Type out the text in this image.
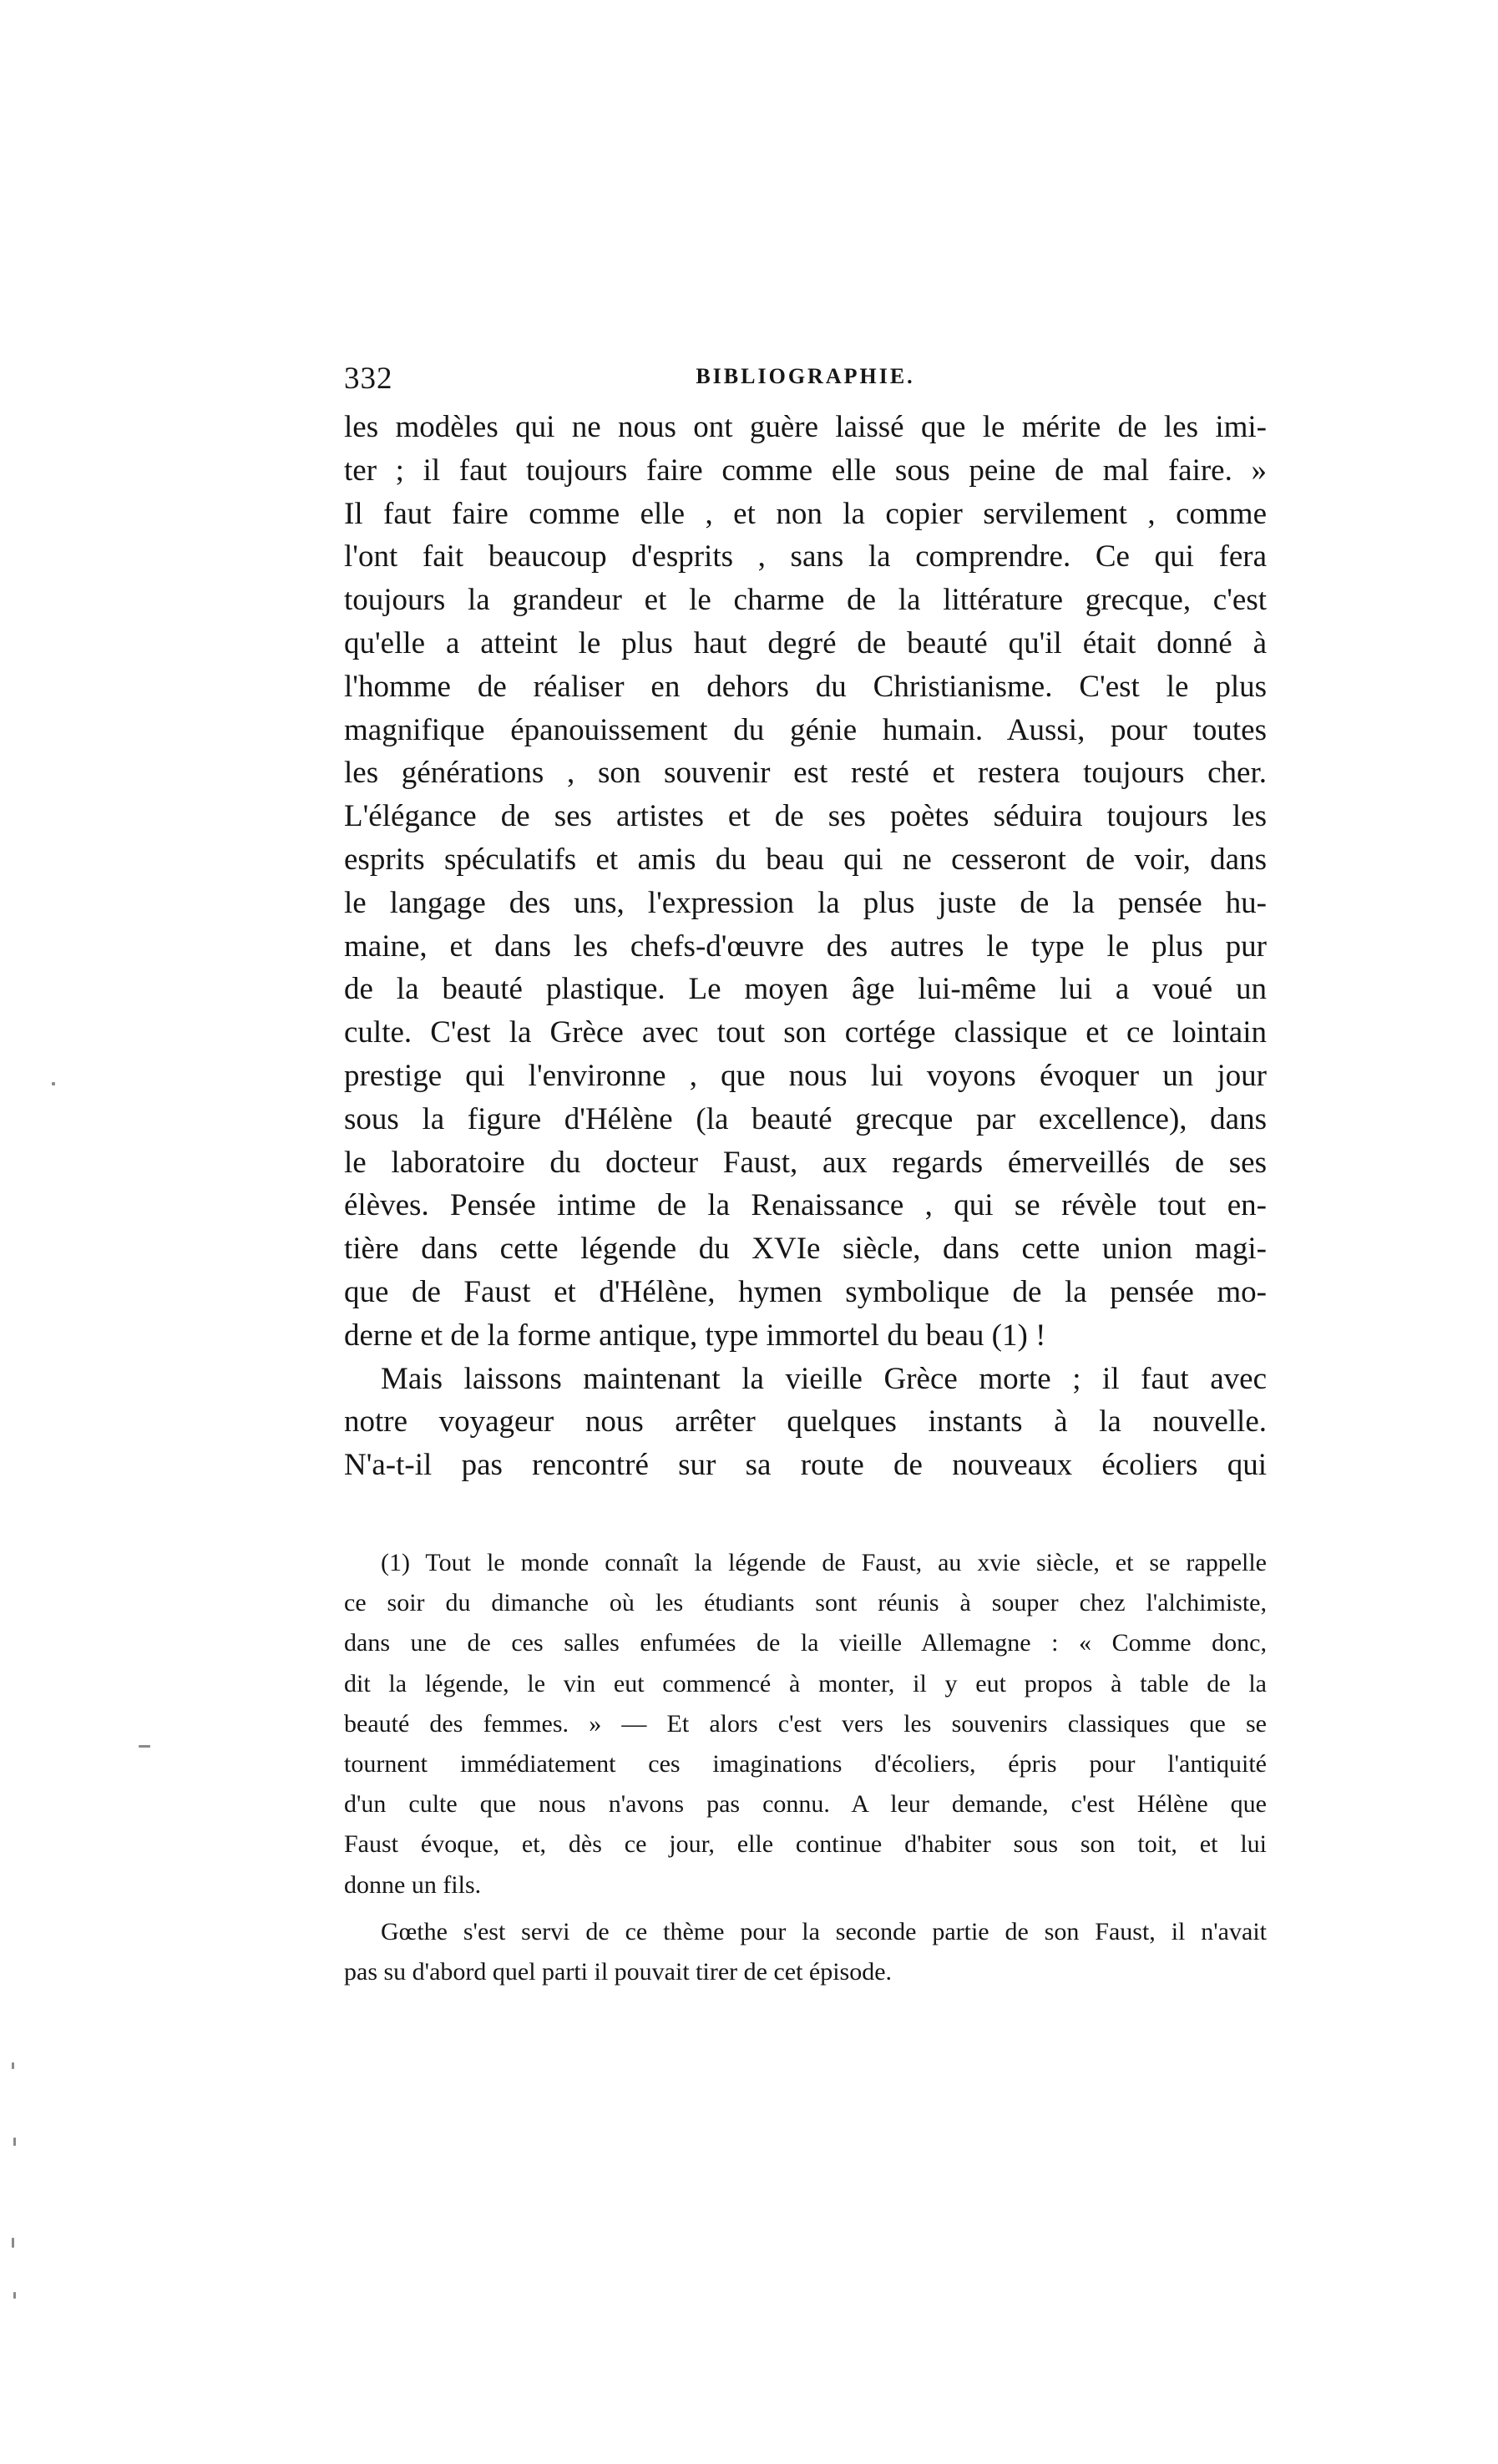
332	BIBLIOGRAPHIE.
les modèles qui ne nous ont guère laissé que le mérite de les imi-
ter ; il faut toujours faire comme elle sous peine de mal faire. »
Il faut faire comme elle , et non la copier servilement , comme
l'ont fait beaucoup d'esprits , sans la comprendre. Ce qui fera
toujours la grandeur et le charme de la littérature grecque, c'est
qu'elle a atteint le plus haut degré de beauté qu'il était donné à
l'homme de réaliser en dehors du Christianisme. C'est le plus
magnifique épanouissement du génie humain. Aussi, pour toutes
les générations , son souvenir est resté et restera toujours cher.
L'élégance de ses artistes et de ses poètes séduira toujours les
esprits spéculatifs et amis du beau qui ne cesseront de voir, dans
le langage des uns, l'expression la plus juste de la pensée hu-
maine, et dans les chefs-d'œuvre des autres le type le plus pur
de la beauté plastique. Le moyen âge lui-même lui a voué un
culte. C'est la Grèce avec tout son cortége classique et ce lointain
prestige qui l'environne , que nous lui voyons évoquer un jour
sous la figure d'Hélène (la beauté grecque par excellence), dans
le laboratoire du docteur Faust, aux regards émerveillés de ses
élèves. Pensée intime de la Renaissance , qui se révèle tout en-
tière dans cette légende du XVIe siècle, dans cette union magi-
que de Faust et d'Hélène, hymen symbolique de la pensée mo-
derne et de la forme antique, type immortel du beau (1) !
Mais laissons maintenant la vieille Grèce morte ; il faut avec
notre voyageur nous arrêter quelques instants à la nouvelle.
N'a-t-il pas rencontré sur sa route de nouveaux écoliers qui
(1) Tout le monde connaît la légende de Faust, au xvie siècle, et se rappelle
ce soir du dimanche où les étudiants sont réunis à souper chez l'alchimiste,
dans une de ces salles enfumées de la vieille Allemagne : « Comme donc,
dit la légende, le vin eut commencé à monter, il y eut propos à table de la
beauté des femmes. » — Et alors c'est vers les souvenirs classiques que se
tournent immédiatement ces imaginations d'écoliers, épris pour l'antiquité
d'un culte que nous n'avons pas connu. A leur demande, c'est Hélène que
Faust évoque, et, dès ce jour, elle continue d'habiter sous son toit, et lui
donne un fils.
Gœthe s'est servi de ce thème pour la seconde partie de son Faust, il n'avait
pas su d'abord quel parti il pouvait tirer de cet épisode.
